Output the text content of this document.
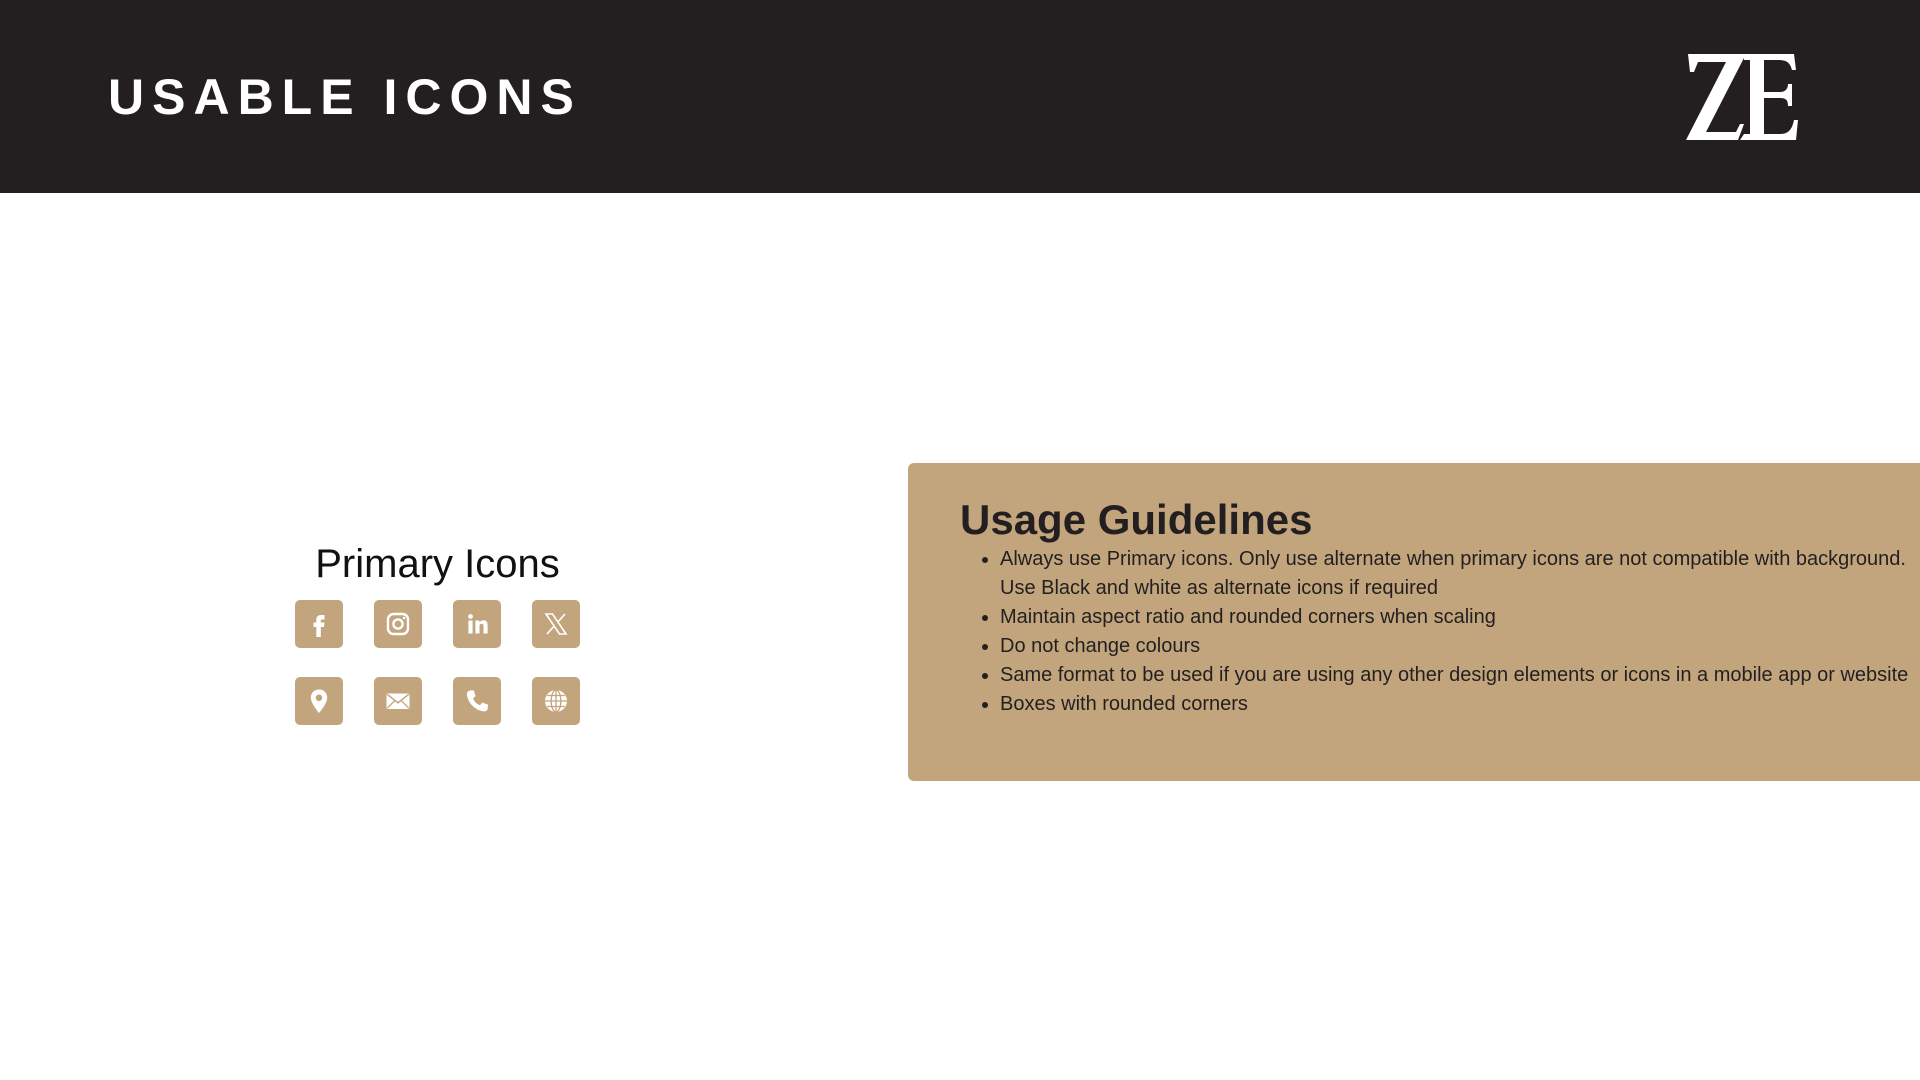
USABLE ICONS
Primary Icons
Usage Guidelines
• Always use Primary icons. Only use alternate when primary icons are not compatible with background. Use Black and white as alternate icons if required
• Maintain aspect ratio and rounded corners when scaling
• Do not change colours
• Same format to be used if you are using any other design elements or icons in a mobile app or website
• Boxes with rounded corners
